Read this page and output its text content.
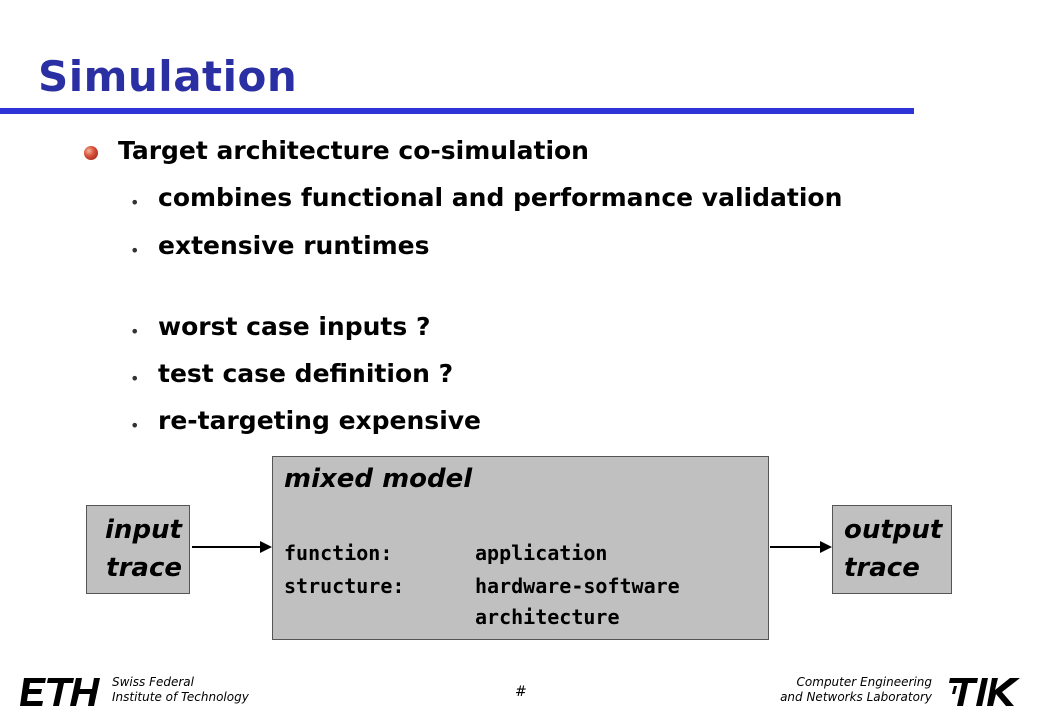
Simulation
Target architecture co-simulation
• combines functional and performance validation
• extensive runtimes
• worst case inputs ?
• test case definition ?
• re-targeting expensive
input
trace
mixed model
function:	application
structure:	hardware-software
architecture
output
trace
Swiss Federal
Institute of Technology	#
Computer Engineering
and Networks Laboratory
